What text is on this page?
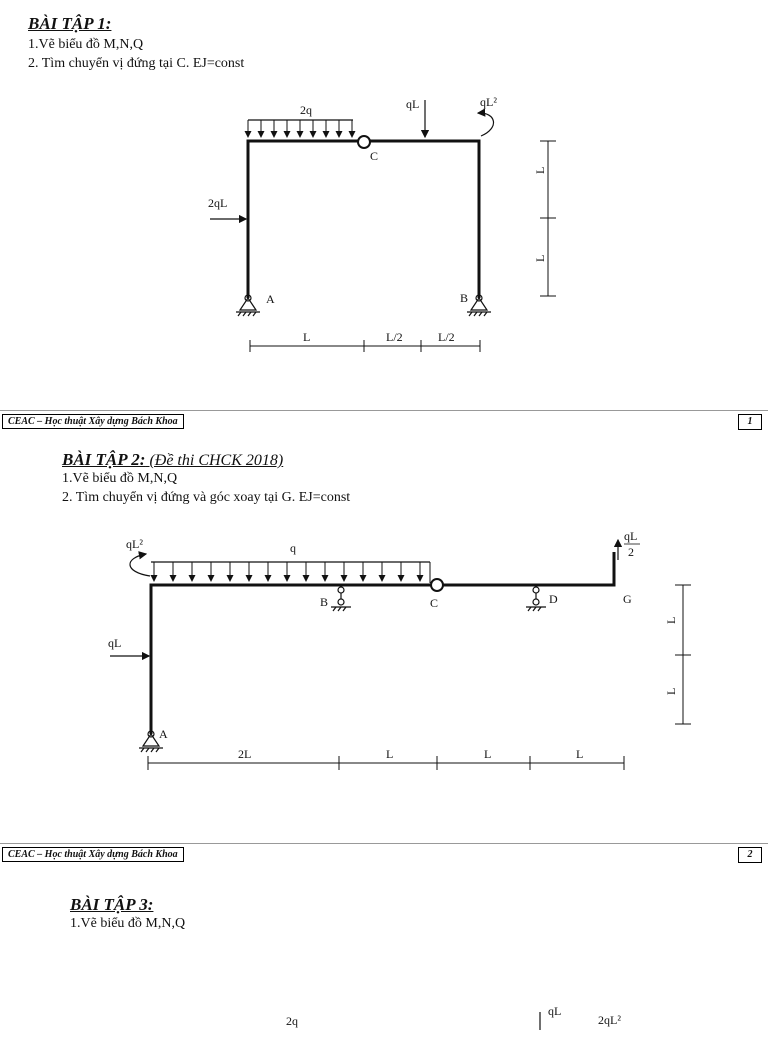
BÀI TẬP 1:
1.Vẽ biểu đồ M,N,Q
2. Tìm chuyển vị đứng tại C. EJ=const
2q
C
qL	qL²
2qL
A	B
L
L
L	L/2	L/2
CEAC – Học thuật Xây dựng Bách Khoa	1
BÀI TẬP 2: (Đề thi CHCK 2018)
1.Vẽ biểu đồ M,N,Q
2. Tìm chuyển vị đứng và góc xoay tại G. EJ=const
q
qL²
qL
C
B	D	G
qL
2
A
L
L
2L	L	L	L
CEAC – Học thuật Xây dựng Bách Khoa	2
BÀI TẬP 3:
1.Vẽ biểu đồ M,N,Q
2q
qL
2qL²
